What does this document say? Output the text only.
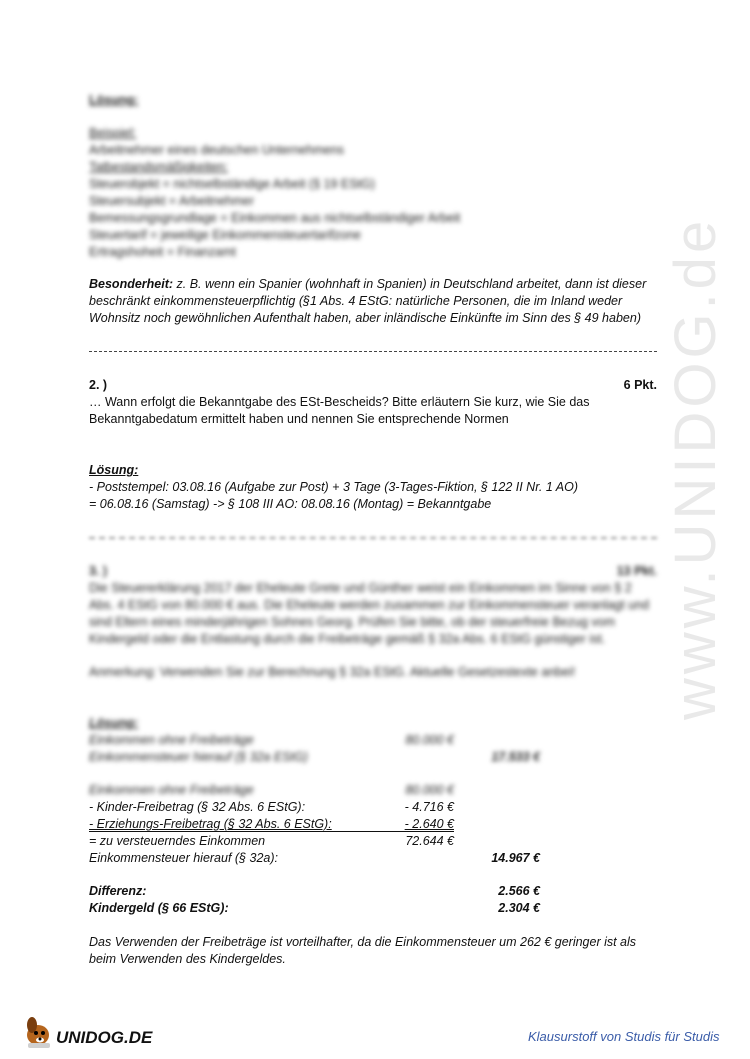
www.UNIDOG.de
Lösung:
Beispiel:
Arbeitnehmer eines deutschen Unternehmens
Tatbestandsmäßigkeiten:
Steuerobjekt = nichtselbständige Arbeit (§ 19 EStG)
Steuersubjekt = Arbeitnehmer
Bemessungsgrundlage = Einkommen aus nichtselbständiger Arbeit
Steuertarif = jeweilige Einkommensteuertarifzone
Ertragshoheit = Finanzamt
Besonderheit: z. B. wenn ein Spanier (wohnhaft in Spanien) in Deutschland arbeitet, dann ist dieser
beschränkt einkommensteuerpflichtig (§1 Abs. 4 EStG: natürliche Personen, die im Inland weder
Wohnsitz noch gewöhnlichen Aufenthalt haben, aber inländische Einkünfte im Sinn des § 49 haben)
2. )	6 Pkt.
… Wann erfolgt die Bekanntgabe des ESt-Bescheids? Bitte erläutern Sie kurz, wie Sie das
Bekanntgabedatum ermittelt haben und nennen Sie entsprechende Normen
Lösung:
- Poststempel: 03.08.16 (Aufgabe zur Post) + 3 Tage (3-Tages-Fiktion, § 122 II Nr. 1 AO)
= 06.08.16 (Samstag) -> § 108 III AO: 08.08.16 (Montag) = Bekanntgabe
3. )	13 Pkt.
Die Steuererklärung 2017 der Eheleute Grete und Günther weist ein Einkommen im Sinne von § 2
Abs. 4 EStG von 80.000 € aus. Die Eheleute werden zusammen zur Einkommensteuer veranlagt und
sind Eltern eines minderjährigen Sohnes Georg. Prüfen Sie bitte, ob der steuerfreie Bezug vom
Kindergeld oder die Entlastung durch die Freibeträge gemäß § 32a Abs. 6 EStG günstiger ist.
Anmerkung: Verwenden Sie zur Berechnung § 32a EStG. Aktuelle Gesetzestexte anbei!
Lösung:
Einkommen ohne Freibeträge	80.000 €
Einkommensteuer hierauf (§ 32a EStG)	17.533 €
Einkommen ohne Freibeträge	80.000 €
- Kinder-Freibetrag (§ 32 Abs. 6 EStG):	- 4.716 €
- Erziehungs-Freibetrag (§ 32 Abs. 6 EStG):	- 2.640 €
= zu versteuerndes Einkommen	72.644 €
Einkommensteuer hierauf (§ 32a):	14.967 €
Differenz:	2.566 €
Kindergeld (§ 66 EStG):	2.304 €
Das Verwenden der Freibeträge ist vorteilhafter, da die Einkommensteuer um 262 € geringer ist als
beim Verwenden des Kindergeldes.
UNIDOG.DE	Klausurstoff von Studis für Studis
